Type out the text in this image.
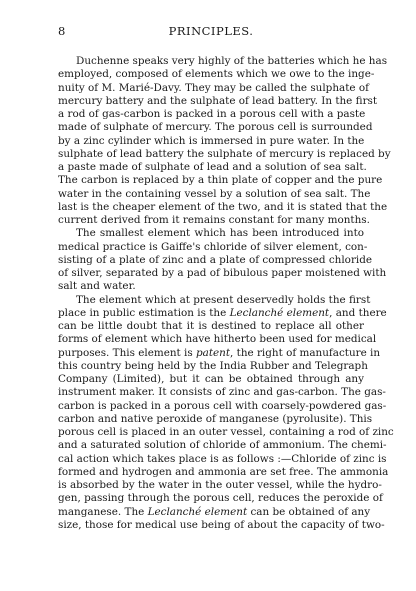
8	PRINCIPLES.
Duchenne speaks very highly of the batteries which he has
employed, composed of elements which we owe to the inge-
nuity of M. Marié-Davy. They may be called the sulphate of
mercury battery and the sulphate of lead battery. In the first
a rod of gas-carbon is packed in a porous cell with a paste
made of sulphate of mercury. The porous cell is surrounded
by a zinc cylinder which is immersed in pure water. In the
sulphate of lead battery the sulphate of mercury is replaced by
a paste made of sulphate of lead and a solution of sea salt.
The carbon is replaced by a thin plate of copper and the pure
water in the containing vessel by a solution of sea salt. The
last is the cheaper element of the two, and it is stated that the
current derived from it remains constant for many months.
The smallest element which has been introduced into
medical practice is Gaiffe's chloride of silver element, con-
sisting of a plate of zinc and a plate of compressed chloride
of silver, separated by a pad of bibulous paper moistened with
salt and water.
The element which at present deservedly holds the first
place in public estimation is the Leclanché element, and there
can be little doubt that it is destined to replace all other
forms of element which have hitherto been used for medical
purposes. This element is patent, the right of manufacture in
this country being held by the India Rubber and Telegraph
Company (Limited), but it can be obtained through any
instrument maker. It consists of zinc and gas-carbon. The gas-
carbon is packed in a porous cell with coarsely-powdered gas-
carbon and native peroxide of manganese (pyrolusite). This
porous cell is placed in an outer vessel, containing a rod of zinc
and a saturated solution of chloride of ammonium. The chemi-
cal action which takes place is as follows :—Chloride of zinc is
formed and hydrogen and ammonia are set free. The ammonia
is absorbed by the water in the outer vessel, while the hydro-
gen, passing through the porous cell, reduces the peroxide of
manganese. The Leclanché element can be obtained of any
size, those for medical use being of about the capacity of two-
